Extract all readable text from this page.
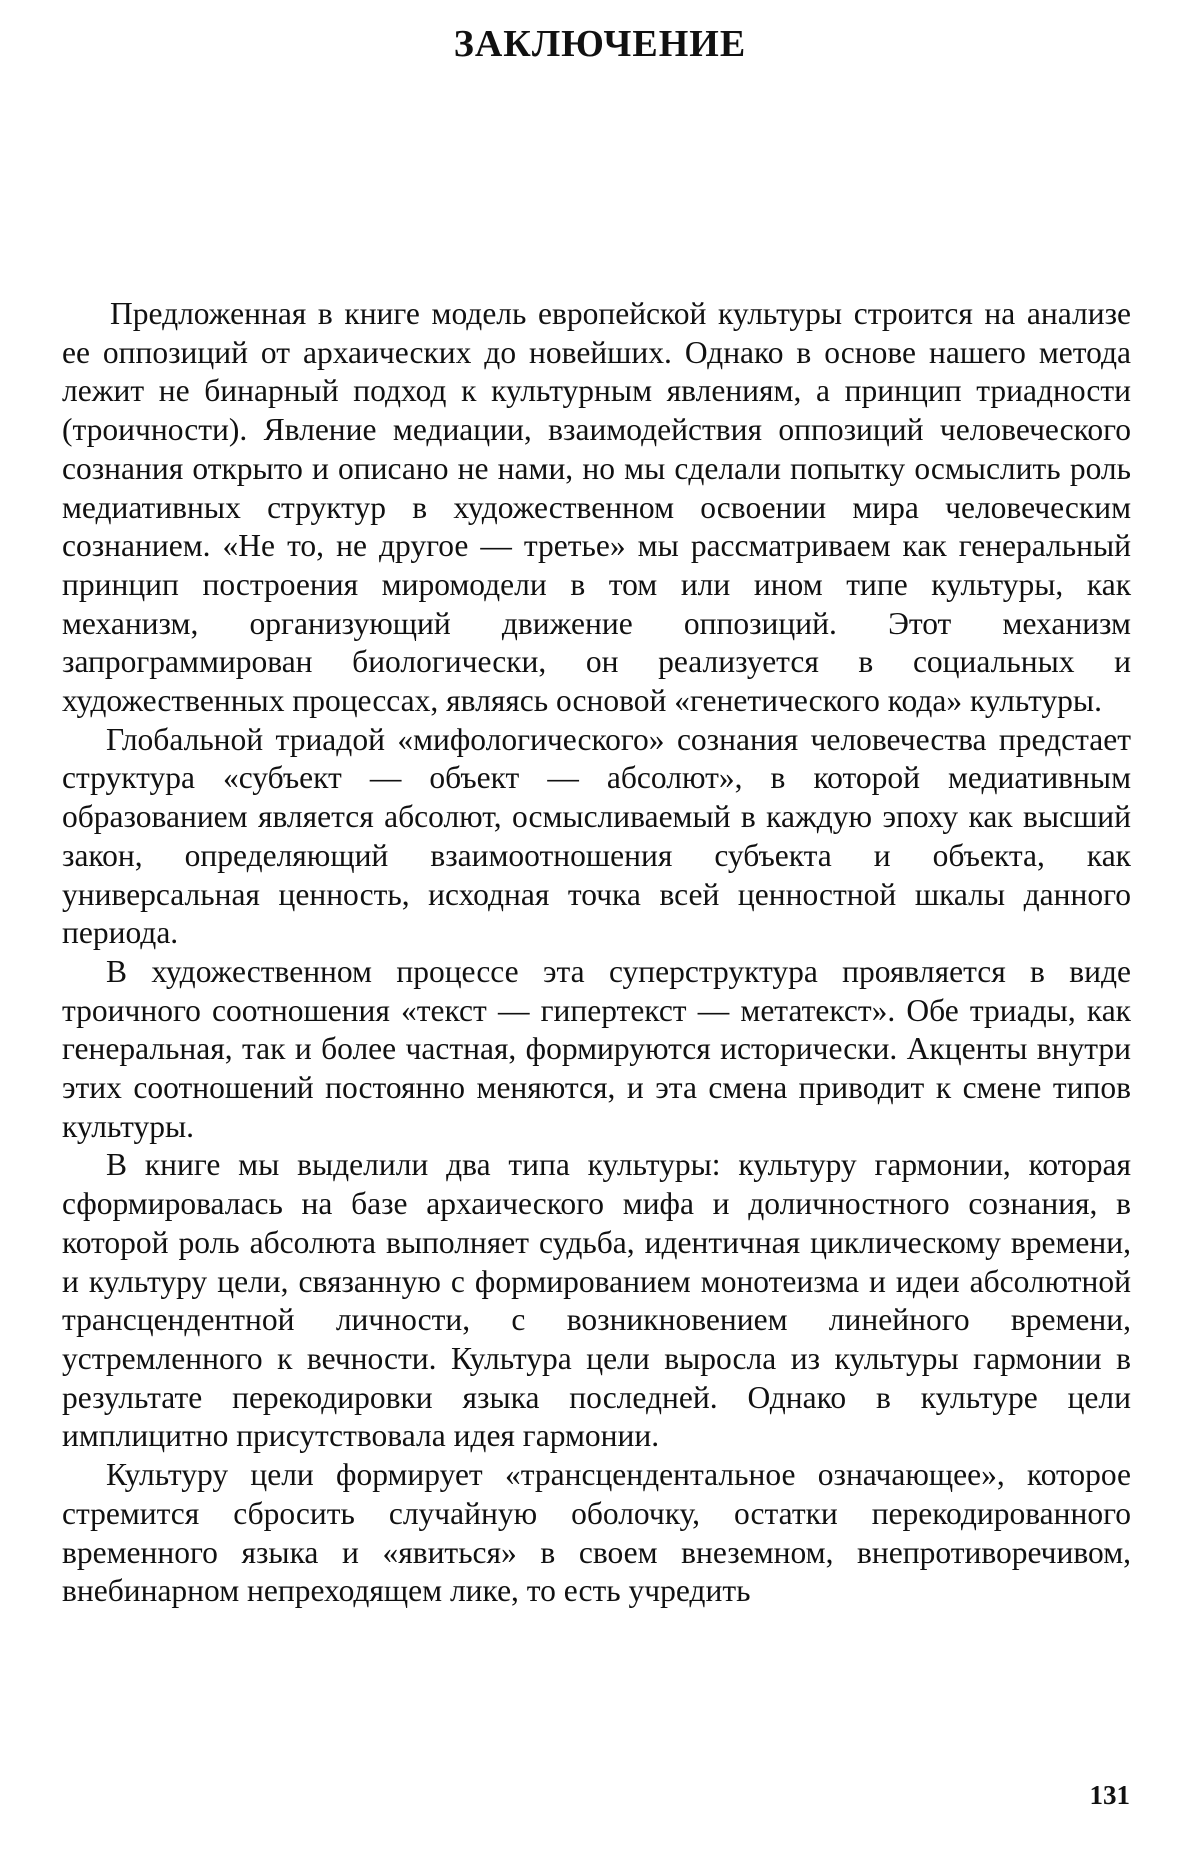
ЗАКЛЮЧЕНИЕ

Предложенная в книге модель европейской культуры строится на анализе ее оппозиций от архаических до новейших. Однако в основе нашего метода лежит не бинарный подход к культурным явлениям, а принцип триадности (троичности). Явление медиации, взаимодействия оппозиций человеческого сознания открыто и описано не нами, но мы сделали попытку осмыслить роль медиативных структур в художественном освоении мира человеческим сознанием. «Не то, не другое — третье» мы рассматриваем как генеральный принцип построения миромодели в том или ином типе культуры, как механизм, организующий движение оппозиций. Этот механизм запрограммирован биологически, он реализуется в социальных и художественных процессах, являясь основой «генетического кода» культуры.

Глобальной триадой «мифологического» сознания человечества предстает структура «субъект — объект — абсолют», в которой медиативным образованием является абсолют, осмысливаемый в каждую эпоху как высший закон, определяющий взаимоотношения субъекта и объекта, как универсальная ценность, исходная точка всей ценностной шкалы данного периода.

В художественном процессе эта суперструктура проявляется в виде троичного соотношения «текст — гипертекст — метатекст». Обе триады, как генеральная, так и более частная, формируются исторически. Акценты внутри этих соотношений постоянно меняются, и эта смена приводит к смене типов культуры.

В книге мы выделили два типа культуры: культуру гармонии, которая сформировалась на базе архаического мифа и доличностного сознания, в которой роль абсолюта выполняет судьба, идентичная циклическому времени, и культуру цели, связанную с формированием монотеизма и идеи абсолютной трансцендентной личности, с возникновением линейного времени, устремленного к вечности. Культура цели выросла из культуры гармонии в результате перекодировки языка последней. Однако в культуре цели имплицитно присутствовала идея гармонии.

Культуру цели формирует «трансцендентальное означающее», которое стремится сбросить случайную оболочку, остатки перекодированного временного языка и «явиться» в своем внеземном, внепротиворечивом, внебинарном непреходящем лике, то есть учредить

131
